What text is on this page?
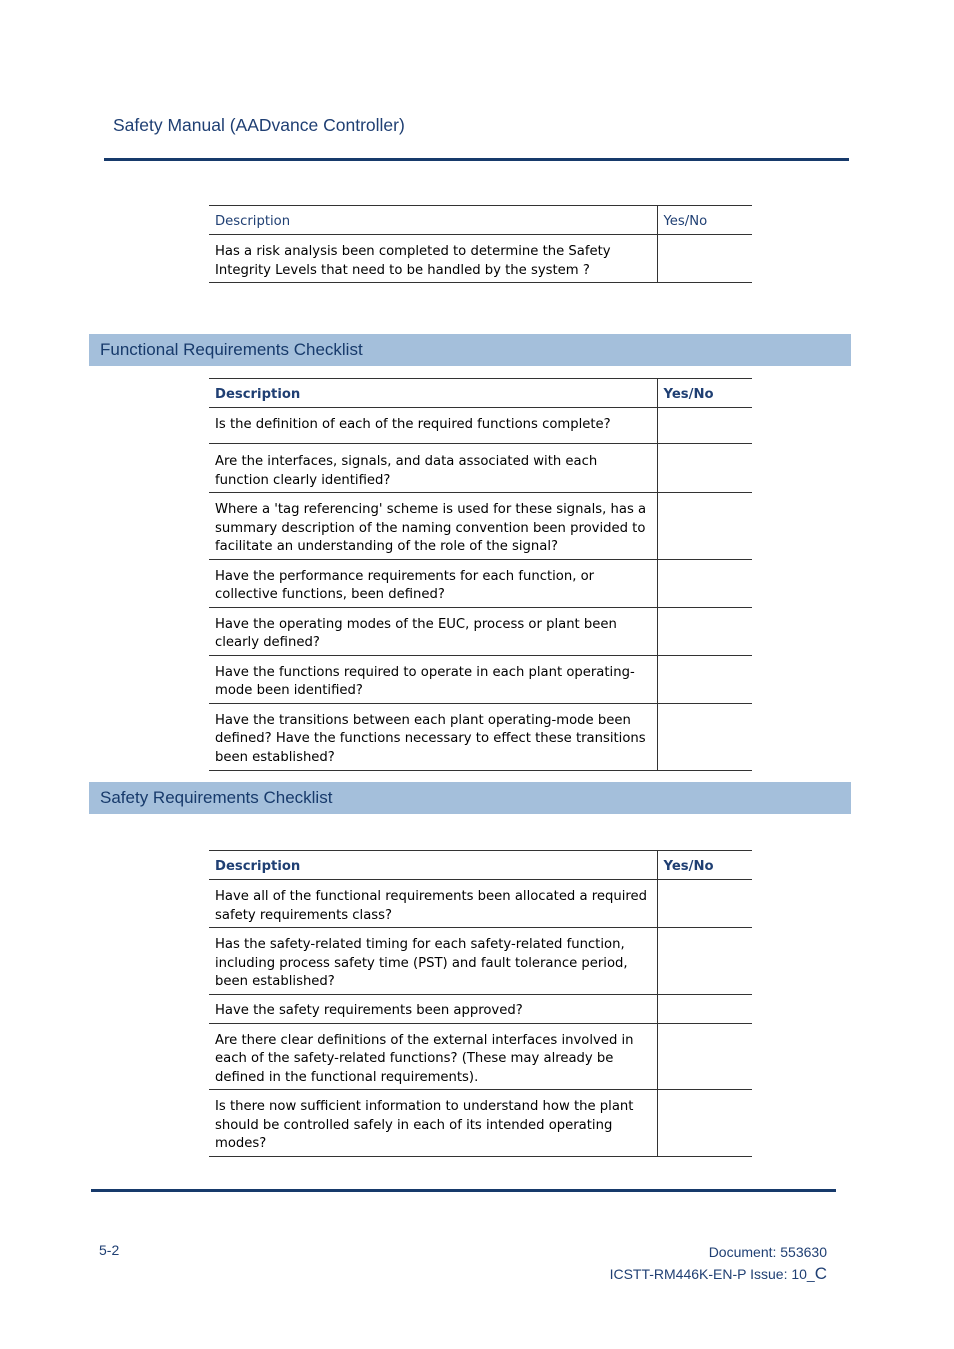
Safety Manual (AADvance Controller)
Description	Yes/No
Has a risk analysis been completed to determine the Safety Integrity Levels that need to be handled by the system ?	
Functional Requirements Checklist
Description	Yes/No
Is the definition of each of the required functions complete?	
Are the interfaces, signals, and data associated with each function clearly identified?	
Where a 'tag referencing' scheme is used for these signals, has a summary description of the naming convention been provided to facilitate an understanding of the role of the signal?	
Have the performance requirements for each function, or collective functions, been defined?	
Have the operating modes of the EUC, process or plant been clearly defined?	
Have the functions required to operate in each plant operating-mode been identified?	
Have the transitions between each plant operating-mode been defined? Have the functions necessary to effect these transitions been established?	
Safety Requirements Checklist
Description	Yes/No
Have all of the functional requirements been allocated a required safety requirements class?	
Has the safety-related timing for each safety-related function, including process safety time (PST) and fault tolerance period, been established?	
Have the safety requirements been approved?	
Are there clear definitions of the external interfaces involved in each of the safety-related functions? (These may already be defined in the functional requirements).	
Is there now sufficient information to understand how the plant should be controlled safely in each of its intended operating modes?	
5-2	Document: 553630
ICSTT-RM446K-EN-P Issue: 10_C
